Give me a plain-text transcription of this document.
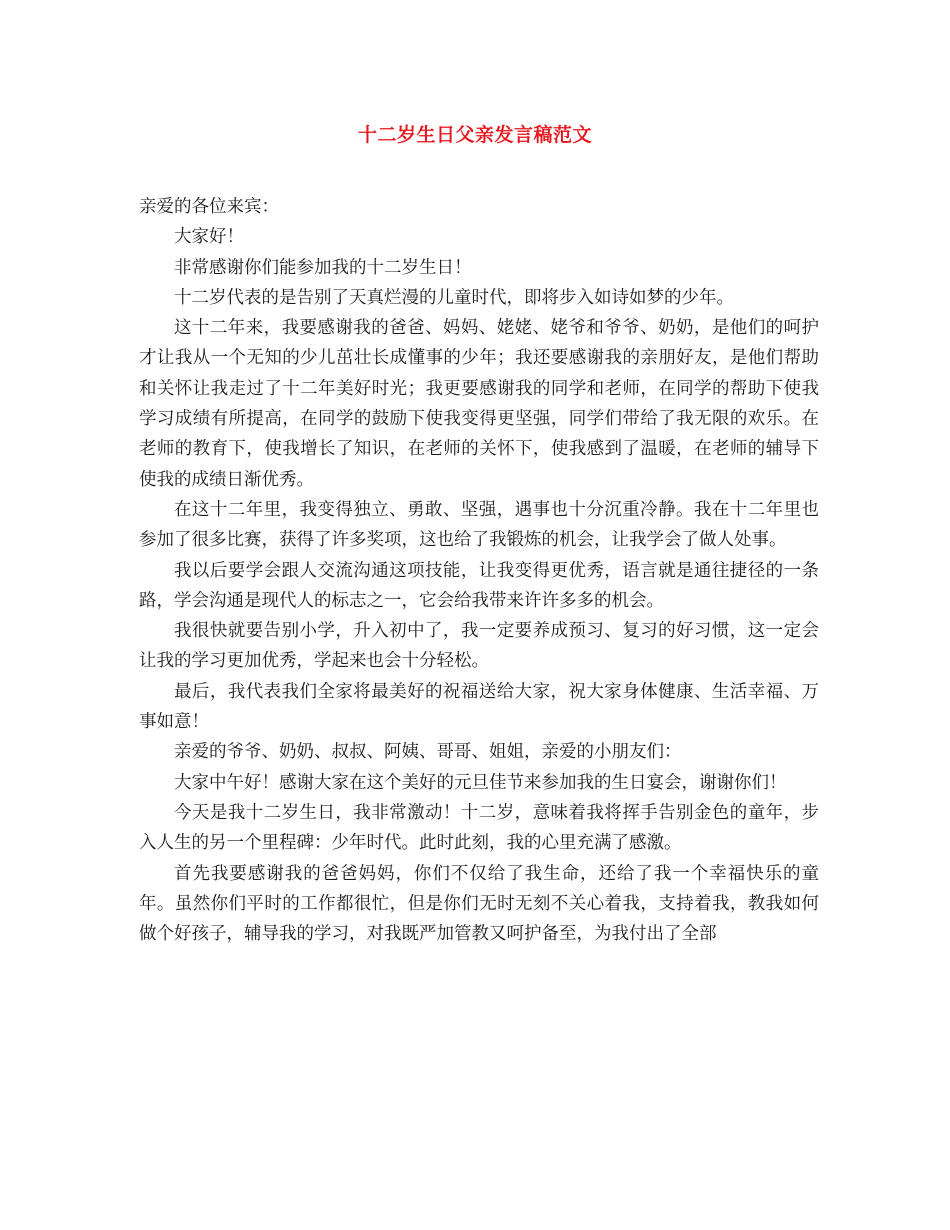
十二岁生日父亲发言稿范文

亲爱的各位来宾：

大家好！

非常感谢你们能参加我的十二岁生日！

十二岁代表的是告别了天真烂漫的儿童时代，即将步入如诗如梦的少年。

这十二年来，我要感谢我的爸爸、妈妈、姥姥、姥爷和爷爷、奶奶，是他们的呵护才让我从一个无知的少儿茁壮长成懂事的少年；我还要感谢我的亲朋好友，是他们帮助和关怀让我走过了十二年美好时光；我更要感谢我的同学和老师，在同学的帮助下使我学习成绩有所提高，在同学的鼓励下使我变得更坚强，同学们带给了我无限的欢乐。在老师的教育下，使我增长了知识，在老师的关怀下，使我感到了温暖，在老师的辅导下使我的成绩日渐优秀。

在这十二年里，我变得独立、勇敢、坚强，遇事也十分沉重冷静。我在十二年里也参加了很多比赛，获得了许多奖项，这也给了我锻炼的机会，让我学会了做人处事。

我以后要学会跟人交流沟通这项技能，让我变得更优秀，语言就是通往捷径的一条路，学会沟通是现代人的标志之一，它会给我带来许许多多的机会。

我很快就要告别小学，升入初中了，我一定要养成预习、复习的好习惯，这一定会让我的学习更加优秀，学起来也会十分轻松。

最后，我代表我们全家将最美好的祝福送给大家，祝大家身体健康、生活幸福、万事如意！

亲爱的爷爷、奶奶、叔叔、阿姨、哥哥、姐姐，亲爱的小朋友们：

大家中午好！感谢大家在这个美好的元旦佳节来参加我的生日宴会，谢谢你们！

今天是我十二岁生日，我非常激动！十二岁，意味着我将挥手告别金色的童年，步入人生的另一个里程碑：少年时代。此时此刻，我的心里充满了感激。

首先我要感谢我的爸爸妈妈，你们不仅给了我生命，还给了我一个幸福快乐的童年。虽然你们平时的工作都很忙，但是你们无时无刻不关心着我，支持着我，教我如何做个好孩子，辅导我的学习，对我既严加管教又呵护备至，为我付出了全部
